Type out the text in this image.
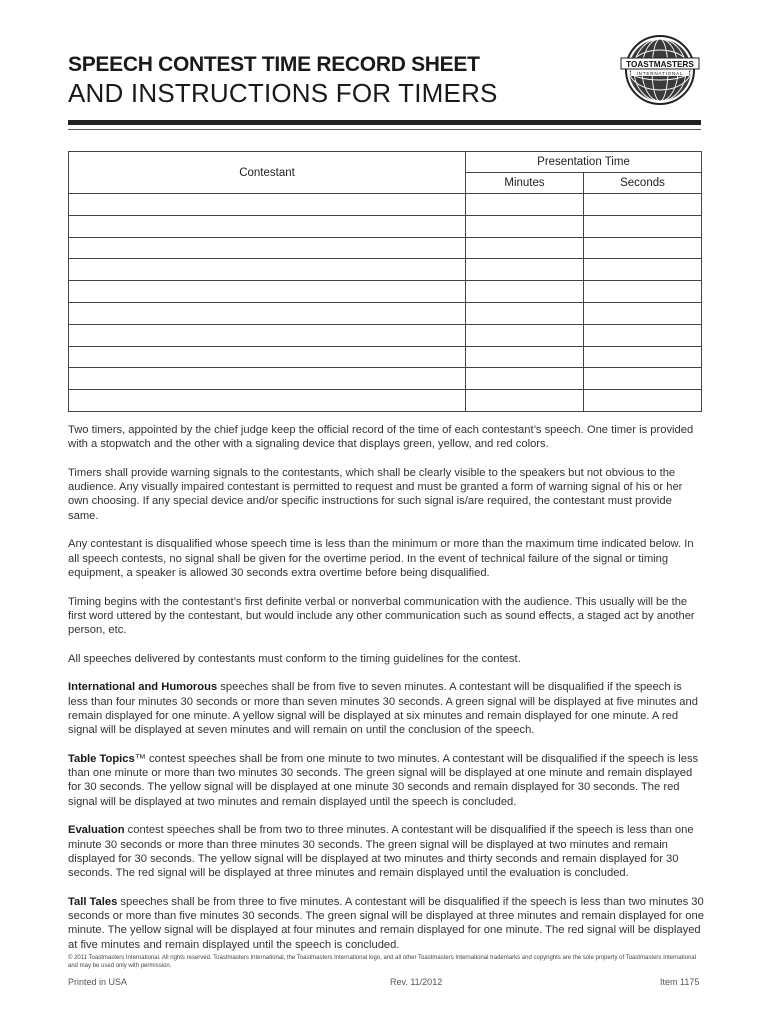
SPEECH CONTEST TIME RECORD SHEET
AND INSTRUCTIONS FOR TIMERS
TOASTMASTERS
INTERNATIONAL
Contestant	Presentation Time	
	Minutes	Seconds

Two timers, appointed by the chief judge keep the official record of the time of each contestant’s speech. One timer is provided with a stopwatch and the other with a signaling device that displays green, yellow, and red colors.

Timers shall provide warning signals to the contestants, which shall be clearly visible to the speakers but not obvious to the audience. Any visually impaired contestant is permitted to request and must be granted a form of warning signal of his or her own choosing. If any special device and/or specific instructions for such signal is/are required, the contestant must provide same.

Any contestant is disqualified whose speech time is less than the minimum or more than the maximum time indicated below. In all speech contests, no signal shall be given for the overtime period. In the event of technical failure of the signal or timing equipment, a speaker is allowed 30 seconds extra overtime before being disqualified.

Timing begins with the contestant’s first definite verbal or nonverbal communication with the audience. This usually will be the first word uttered by the contestant, but would include any other communication such as sound effects, a staged act by another person, etc.

All speeches delivered by contestants must conform to the timing guidelines for the contest.

International and Humorous speeches shall be from five to seven minutes. A contestant will be disqualified if the speech is less than four minutes 30 seconds or more than seven minutes 30 seconds. A green signal will be displayed at five minutes and remain displayed for one minute. A yellow signal will be displayed at six minutes and remain displayed for one minute. A red signal will be displayed at seven minutes and will remain on until the conclusion of the speech.

Table Topics™ contest speeches shall be from one minute to two minutes. A contestant will be disqualified if the speech is less than one minute or more than two minutes 30 seconds. The green signal will be displayed at one minute and remain displayed for 30 seconds. The yellow signal will be displayed at one minute 30 seconds and remain displayed for 30 seconds. The red signal will be displayed at two minutes and remain displayed until the speech is concluded.

Evaluation contest speeches shall be from two to three minutes. A contestant will be disqualified if the speech is less than one minute 30 seconds or more than three minutes 30 seconds. The green signal will be displayed at two minutes and remain displayed for 30 seconds. The yellow signal will be displayed at two minutes and thirty seconds and remain displayed for 30 seconds. The red signal will be displayed at three minutes and remain displayed until the evaluation is concluded.

Tall Tales speeches shall be from three to five minutes. A contestant will be disqualified if the speech is less than two minutes 30 seconds or more than five minutes 30 seconds. The green signal will be displayed at three minutes and remain displayed for one minute. The yellow signal will be displayed at four minutes and remain displayed for one minute. The red signal will be displayed at five minutes and remain displayed until the speech is concluded.

© 2011 Toastmasters International. All rights reserved. Toastmasters International, the Toastmasters International logo, and all other Toastmasters International trademarks and copyrights are the sole property of Toastmasters International and may be used only with permission.
Printed in USA	Rev. 11/2012	Item 1175
